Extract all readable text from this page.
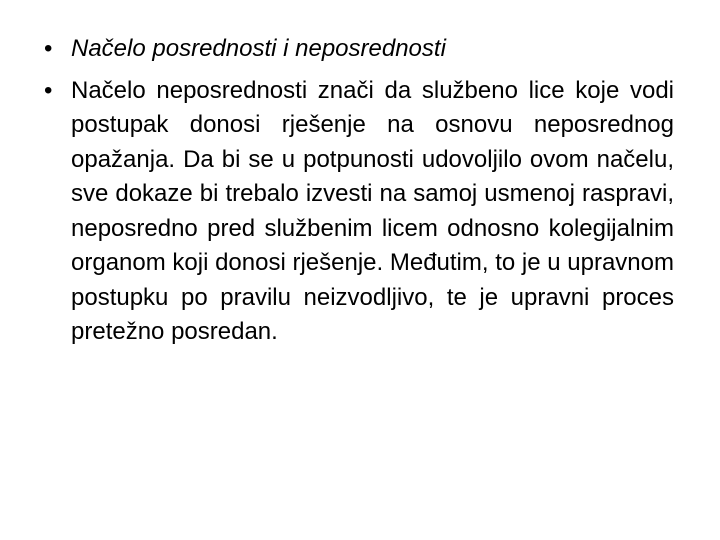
• Načelo posrednosti i neposrednosti
• Načelo neposrednosti znači da službeno lice koje vodi postupak donosi rješenje na osnovu neposrednog opažanja. Da bi se u potpunosti udovoljilo ovom načelu, sve dokaze bi trebalo izvesti na samoj usmenoj raspravi, neposredno pred službenim licem odnosno kolegijalnim organom koji donosi rješenje. Međutim, to je u upravnom postupku po pravilu neizvodljivo, te je upravni proces pretežno posredan.
